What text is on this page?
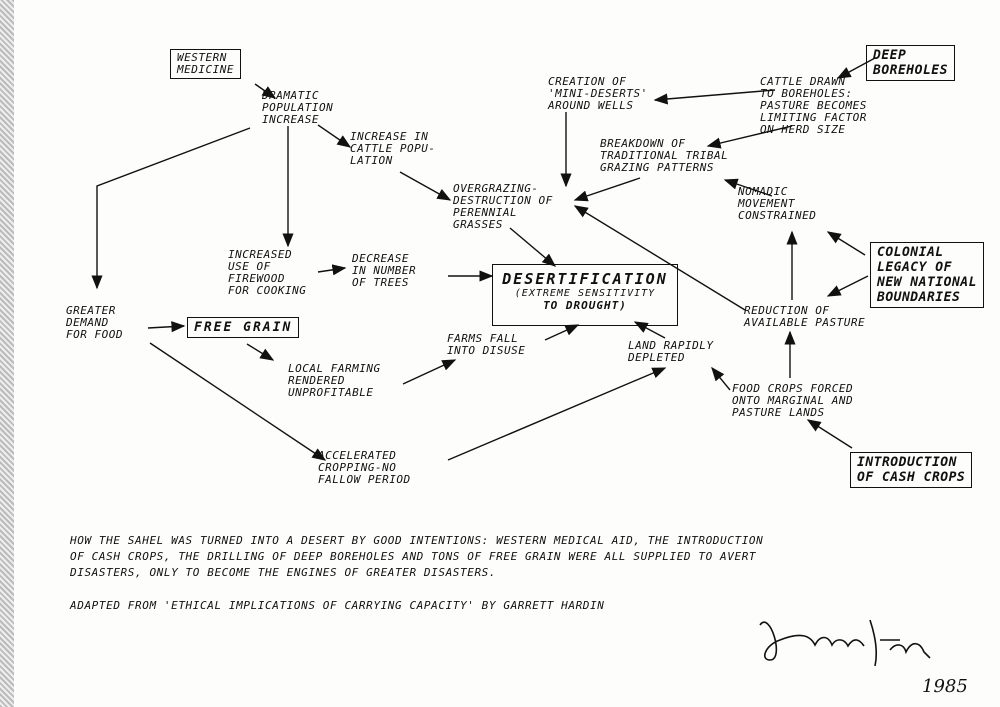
WESTERN
MEDICINE
DRAMATIC
POPULATION
INCREASE
INCREASE IN
CATTLE POPU-
LATION
OVERGRAZING-
DESTRUCTION OF
PERENNIAL
GRASSES
INCREASED
USE OF
FIREWOOD
FOR COOKING
DECREASE
IN NUMBER
OF TREES	DESERTIFICATION
(EXTREME SENSITIVITY
TO DROUGHT)
GREATER
DEMAND
FOR FOOD	FREE GRAIN
LOCAL FARMING
RENDERED
UNPROFITABLE
FARMS FALL
INTO DISUSE	LAND RAPIDLY
DEPLETED
ACCELERATED
CROPPING-NO
FALLOW PERIOD
CREATION OF
'MINI-DESERTS'
AROUND WELLS
DEEP
BOREHOLES
CATTLE DRAWN
TO BOREHOLES:
PASTURE BECOMES
LIMITING FACTOR
ON HERD SIZE
BREAKDOWN OF
TRADITIONAL TRIBAL
GRAZING PATTERNS
NOMADIC
MOVEMENT
CONSTRAINED
COLONIAL
LEGACY OF
NEW NATIONAL
BOUNDARIES
REDUCTION OF
AVAILABLE PASTURE
FOOD CROPS FORCED
ONTO MARGINAL AND
PASTURE LANDS
INTRODUCTION
OF CASH CROPS
HOW THE SAHEL WAS TURNED INTO A DESERT BY GOOD INTENTIONS: WESTERN MEDICAL AID, THE INTRODUCTION
OF CASH CROPS, THE DRILLING OF DEEP BOREHOLES AND TONS OF FREE GRAIN WERE ALL SUPPLIED TO AVERT
DISASTERS, ONLY TO BECOME THE ENGINES OF GREATER DISASTERS.
ADAPTED FROM 'ETHICAL IMPLICATIONS OF CARRYING CAPACITY' BY GARRETT HARDIN
1985
